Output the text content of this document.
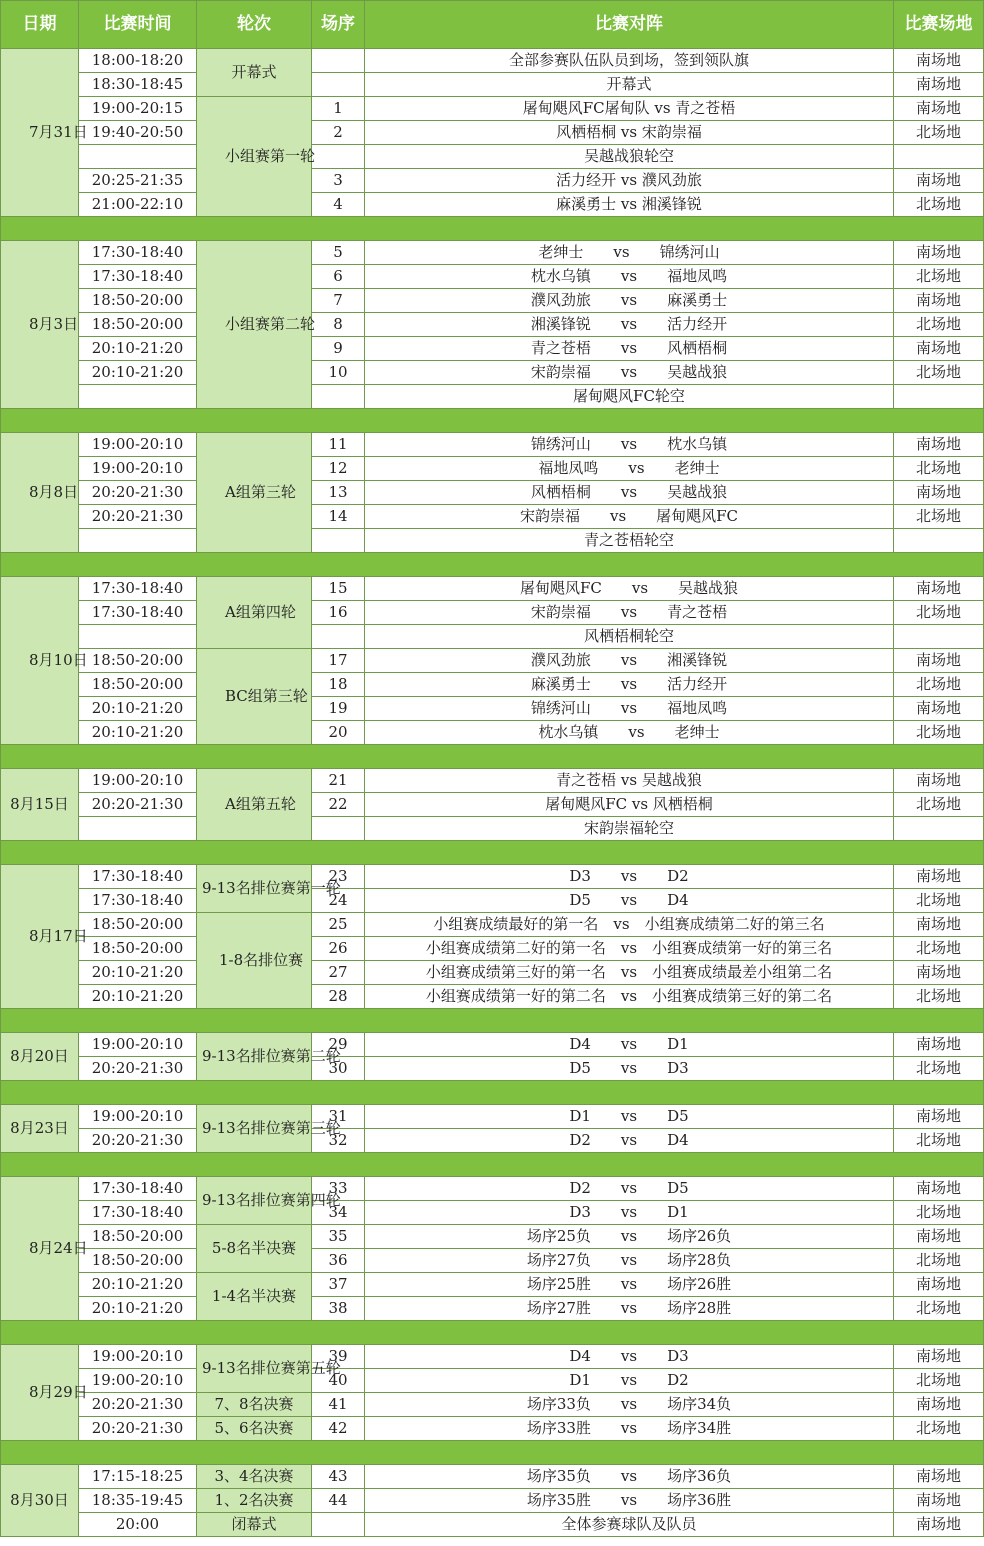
日期	比赛时间	轮次	场序	比赛对阵	比赛场地
7月31日	18:00-18:20	开幕式		全部参赛队伍队员到场，签到领队旗	南场地
	18:30-18:45			开幕式	南场地
	19:00-20:15	小组赛第一轮	1	屠甸飓风FC屠甸队 vs 青之苍梧	南场地
	19:40-20:50		2	风栖梧桐 vs 宋韵崇福	北场地
				吴越战狼轮空	
	20:25-21:35		3	活力经开 vs 濮风劲旅	南场地
	21:00-22:10		4	麻溪勇士 vs 湘溪锋锐	北场地

8月3日	17:30-18:40	小组赛第二轮	5	老绅士　　vs　　锦绣河山	南场地
	17:30-18:40		6	枕水乌镇　　vs　　福地凤鸣	北场地
	18:50-20:00		7	濮风劲旅　　vs　　麻溪勇士	南场地
	18:50-20:00		8	湘溪锋锐　　vs　　活力经开	北场地
	20:10-21:20		9	青之苍梧　　vs　　风栖梧桐	南场地
	20:10-21:20		10	宋韵崇福　　vs　　吴越战狼	北场地
				屠甸飓风FC轮空	

8月8日	19:00-20:10	A组第三轮	11	锦绣河山　　vs　　枕水乌镇	南场地
	19:00-20:10		12	福地凤鸣　　vs　　老绅士	北场地
	20:20-21:30		13	风栖梧桐　　vs　　吴越战狼	南场地
	20:20-21:30		14	宋韵崇福　　vs　　屠甸飓风FC	北场地
				青之苍梧轮空	

8月10日	17:30-18:40	A组第四轮	15	屠甸飓风FC　　vs　　吴越战狼	南场地
	17:30-18:40		16	宋韵崇福　　vs　　青之苍梧	北场地
				风栖梧桐轮空	
	18:50-20:00	BC组第三轮	17	濮风劲旅　　vs　　湘溪锋锐	南场地
	18:50-20:00		18	麻溪勇士　　vs　　活力经开	北场地
	20:10-21:20		19	锦绣河山　　vs　　福地凤鸣	南场地
	20:10-21:20		20	枕水乌镇　　vs　　老绅士	北场地

8月15日	19:00-20:10	A组第五轮	21	青之苍梧 vs 吴越战狼	南场地
	20:20-21:30		22	屠甸飓风FC vs 风栖梧桐	北场地
				宋韵崇福轮空	

8月17日	17:30-18:40	9-13名排位赛第一轮	23	D3　　vs　　D2	南场地
	17:30-18:40		24	D5　　vs　　D4	北场地
	18:50-20:00	1-8名排位赛	25	小组赛成绩最好的第一名　vs　小组赛成绩第二好的第三名	南场地
	18:50-20:00		26	小组赛成绩第二好的第一名　vs　小组赛成绩第一好的第三名	北场地
	20:10-21:20		27	小组赛成绩第三好的第一名　vs　小组赛成绩最差小组第二名	南场地
	20:10-21:20		28	小组赛成绩第一好的第二名　vs　小组赛成绩第三好的第二名	北场地

8月20日	19:00-20:10	9-13名排位赛第二轮	29	D4　　vs　　D1	南场地
	20:20-21:30		30	D5　　vs　　D3	北场地

8月23日	19:00-20:10	9-13名排位赛第三轮	31	D1　　vs　　D5	南场地
	20:20-21:30		32	D2　　vs　　D4	北场地

8月24日	17:30-18:40	9-13名排位赛第四轮	33	D2　　vs　　D5	南场地
	17:30-18:40		34	D3　　vs　　D1	北场地
	18:50-20:00	5-8名半决赛	35	场序25负　　vs　　场序26负	南场地
	18:50-20:00		36	场序27负　　vs　　场序28负	北场地
	20:10-21:20	1-4名半决赛	37	场序25胜　　vs　　场序26胜	南场地
	20:10-21:20		38	场序27胜　　vs　　场序28胜	北场地

8月29日	19:00-20:10	9-13名排位赛第五轮	39	D4　　vs　　D3	南场地
	19:00-20:10		40	D1　　vs　　D2	北场地
	20:20-21:30	7、8名决赛	41	场序33负　　vs　　场序34负	南场地
	20:20-21:30	5、6名决赛	42	场序33胜　　vs　　场序34胜	北场地

8月30日	17:15-18:25	3、4名决赛	43	场序35负　　vs　　场序36负	南场地
	18:35-19:45	1、2名决赛	44	场序35胜　　vs　　场序36胜	南场地
	20:00	闭幕式		全体参赛球队及队员	南场地
